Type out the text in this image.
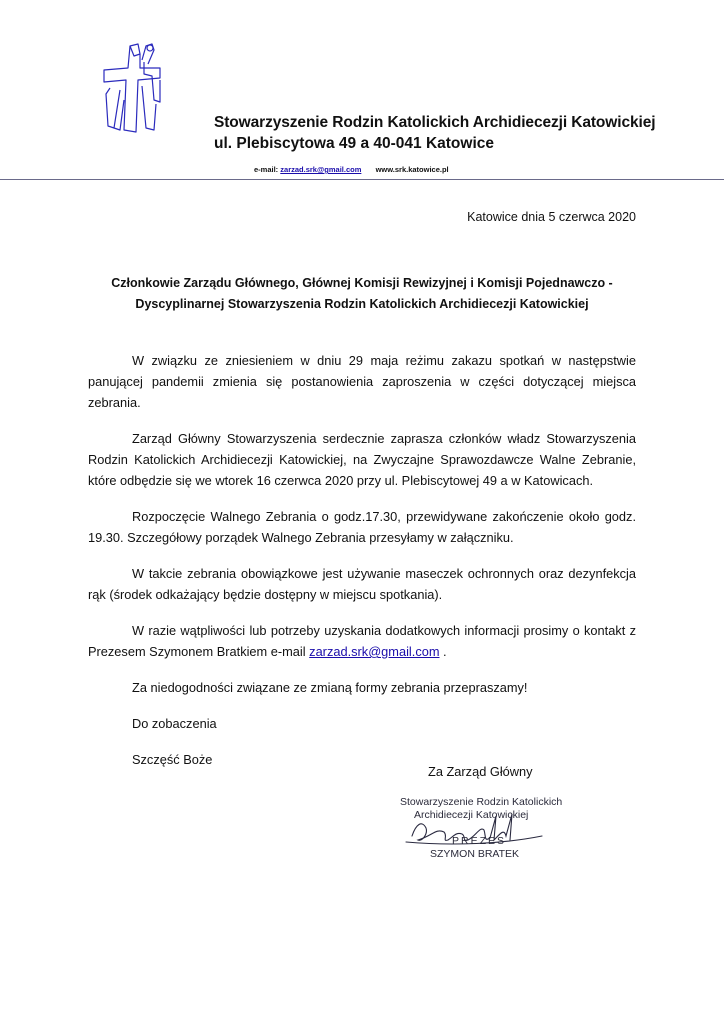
Stowarzyszenie Rodzin Katolickich Archidiecezji Katowickiej
ul. Plebiscytowa 49 a 40-041 Katowice
e-mail: zarzad.srk@gmail.com www.srk.katowice.pl
Katowice dnia 5 czerwca 2020
Członkowie Zarządu Głównego, Głównej Komisji Rewizyjnej i Komisji Pojednawczo -
Dyscyplinarnej Stowarzyszenia Rodzin Katolickich Archidiecezji Katowickiej

W związku ze zniesieniem w dniu 29 maja reżimu zakazu spotkań w następstwie panującej pandemii zmienia się postanowienia zaproszenia w części dotyczącej miejsca zebrania.

Zarząd Główny Stowarzyszenia serdecznie zaprasza członków władz Stowarzyszenia Rodzin Katolickich Archidiecezji Katowickiej, na Zwyczajne Sprawozdawcze Walne Zebranie, które odbędzie się we wtorek 16 czerwca 2020 przy ul. Plebiscytowej 49 a w Katowicach.

Rozpoczęcie Walnego Zebrania o godz.17.30, przewidywane zakończenie około godz. 19.30. Szczegółowy porządek Walnego Zebrania przesyłamy w załączniku.

W takcie zebrania obowiązkowe jest używanie maseczek ochronnych oraz dezynfekcja rąk (środek odkażający będzie dostępny w miejscu spotkania).

W razie wątpliwości lub potrzeby uzyskania dodatkowych informacji prosimy o kontakt z Prezesem Szymonem Bratkiem e-mail zarzad.srk@gmail.com .

Za niedogodności związane ze zmianą formy zebrania przepraszamy!

Do zobaczenia

Szczęść Boże

Za Zarząd Główny
Stowarzyszenie Rodzin Katolickich
Archidiecezji Katowickiej
PREZES
SZYMON BRATEK
